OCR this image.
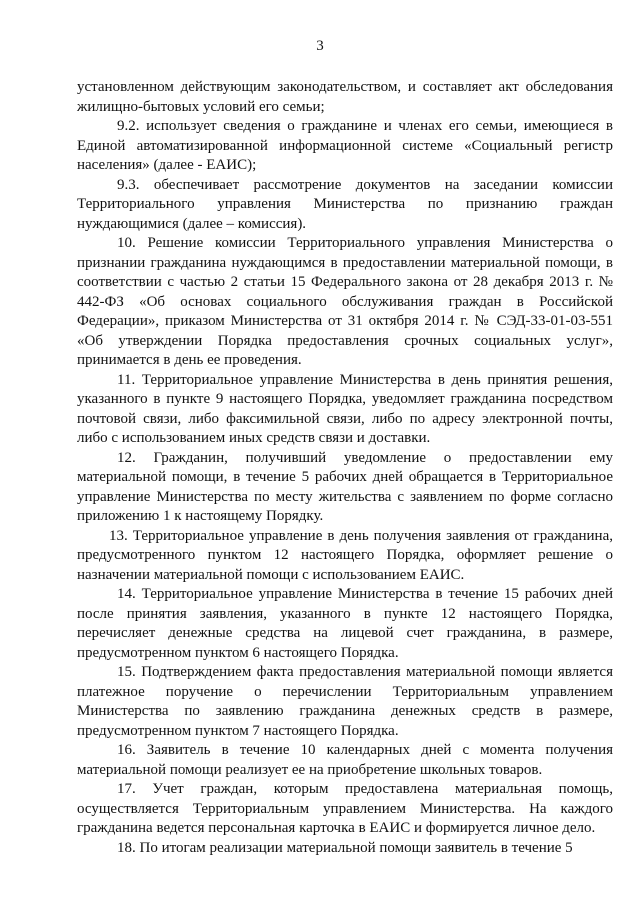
3

установленном действующим законодательством, и составляет акт обследования жилищно-бытовых условий его семьи;

9.2. использует сведения о гражданине и членах его семьи, имеющиеся в Единой автоматизированной информационной системе «Социальный регистр населения» (далее - ЕАИС);

9.3. обеспечивает рассмотрение документов на заседании комиссии Территориального управления Министерства по признанию граждан нуждающимися (далее – комиссия).

10. Решение комиссии Территориального управления Министерства о признании гражданина нуждающимся в предоставлении материальной помощи, в соответствии с частью 2 статьи 15 Федерального закона от 28 декабря 2013 г. № 442-ФЗ «Об основах социального обслуживания граждан в Российской Федерации», приказом Министерства от 31 октября 2014 г. № СЭД-33-01-03-551 «Об утверждении Порядка предоставления срочных социальных услуг», принимается в день ее проведения.

11. Территориальное управление Министерства в день принятия решения, указанного в пункте 9 настоящего Порядка, уведомляет гражданина посредством почтовой связи, либо факсимильной связи, либо по адресу электронной почты, либо с использованием иных средств связи и доставки.

12. Гражданин, получивший уведомление о предоставлении ему материальной помощи, в течение 5 рабочих дней обращается в Территориальное управление Министерства по месту жительства с заявлением по форме согласно приложению 1 к настоящему Порядку.

13. Территориальное управление в день получения заявления от гражданина, предусмотренного пунктом 12 настоящего Порядка, оформляет решение о назначении материальной помощи с использованием ЕАИС.

14. Территориальное управление Министерства в течение 15 рабочих дней после принятия заявления, указанного в пункте 12 настоящего Порядка, перечисляет денежные средства на лицевой счет гражданина, в размере, предусмотренном пунктом 6 настоящего Порядка.

15. Подтверждением факта предоставления материальной помощи является платежное поручение о перечислении Территориальным управлением Министерства по заявлению гражданина денежных средств в размере, предусмотренном пунктом 7 настоящего Порядка.

16. Заявитель в течение 10 календарных дней с момента получения материальной помощи реализует ее на приобретение школьных товаров.

17. Учет граждан, которым предоставлена материальная помощь, осуществляется Территориальным управлением Министерства. На каждого гражданина ведется персональная карточка в ЕАИС и формируется личное дело.

18. По итогам реализации материальной помощи заявитель в течение 5
